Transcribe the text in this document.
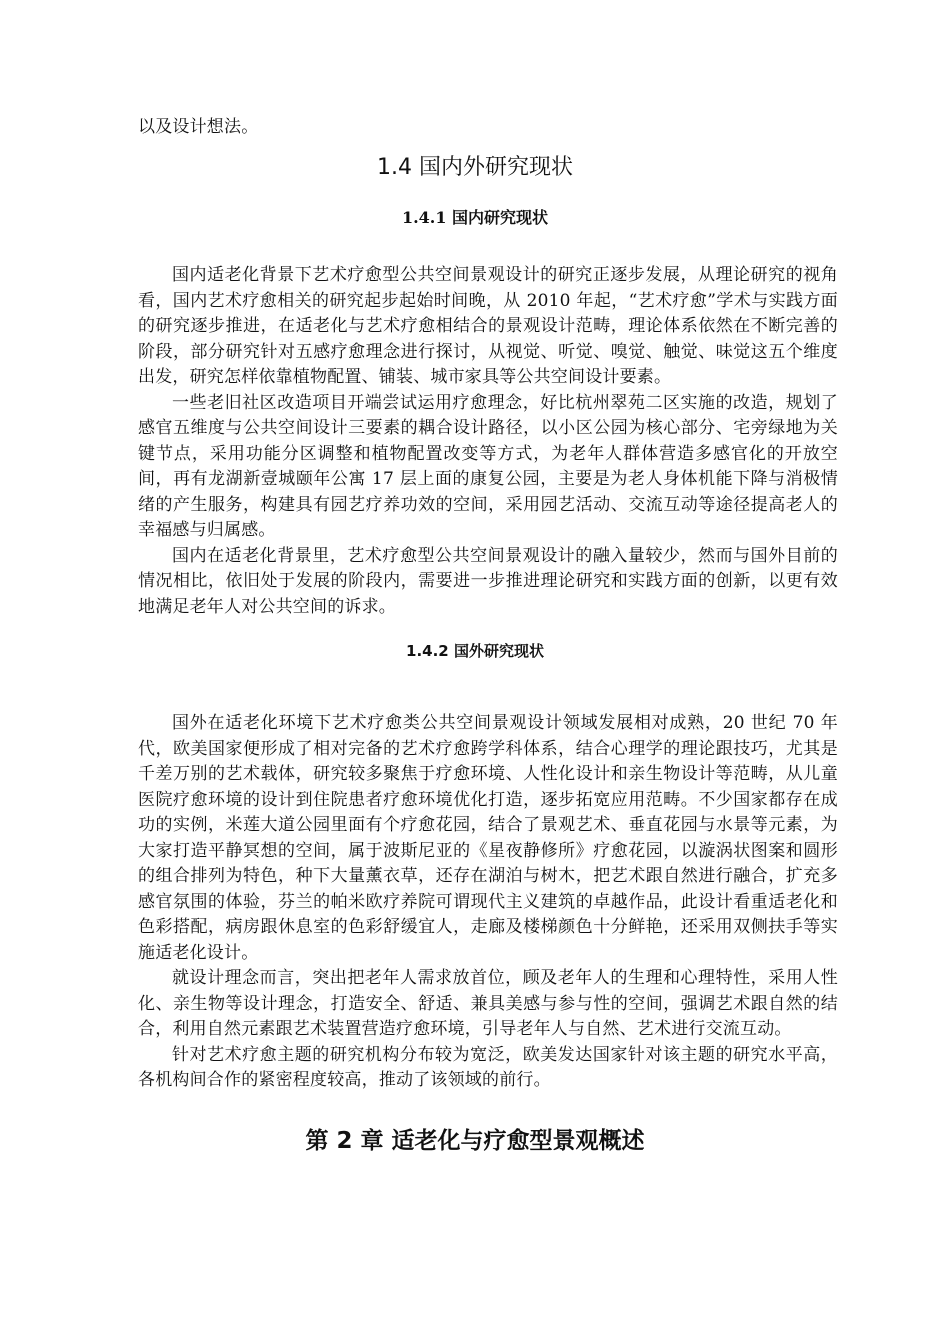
以及设计想法。

1.4 国内外研究现状
1.4.1 国内研究现状

国内适老化背景下艺术疗愈型公共空间景观设计的研究正逐步发展，从理论研究的视角看，国内艺术疗愈相关的研究起步起始时间晚，从 2010 年起，“艺术疗愈”学术与实践方面的研究逐步推进，在适老化与艺术疗愈相结合的景观设计范畴，理论体系依然在不断完善的阶段，部分研究针对五感疗愈理念进行探讨，从视觉、听觉、嗅觉、触觉、味觉这五个维度出发，研究怎样依靠植物配置、铺装、城市家具等公共空间设计要素。

一些老旧社区改造项目开端尝试运用疗愈理念，好比杭州翠苑二区实施的改造，规划了感官五维度与公共空间设计三要素的耦合设计路径，以小区公园为核心部分、宅旁绿地为关键节点，采用功能分区调整和植物配置改变等方式，为老年人群体营造多感官化的开放空间，再有龙湖新壹城颐年公寓 17 层上面的康复公园，主要是为老人身体机能下降与消极情绪的产生服务，构建具有园艺疗养功效的空间，采用园艺活动、交流互动等途径提高老人的幸福感与归属感。

国内在适老化背景里，艺术疗愈型公共空间景观设计的融入量较少，然而与国外目前的情况相比，依旧处于发展的阶段内，需要进一步推进理论研究和实践方面的创新，以更有效地满足老年人对公共空间的诉求。

1.4.2 国外研究现状

国外在适老化环境下艺术疗愈类公共空间景观设计领域发展相对成熟，20 世纪 70 年代，欧美国家便形成了相对完备的艺术疗愈跨学科体系，结合心理学的理论跟技巧，尤其是千差万别的艺术载体，研究较多聚焦于疗愈环境、人性化设计和亲生物设计等范畴，从儿童医院疗愈环境的设计到住院患者疗愈环境优化打造，逐步拓宽应用范畴。不少国家都存在成功的实例，米莲大道公园里面有个疗愈花园，结合了景观艺术、垂直花园与水景等元素，为大家打造平静冥想的空间，属于波斯尼亚的《星夜静修所》疗愈花园，以漩涡状图案和圆形的组合排列为特色，种下大量薰衣草，还存在湖泊与树木，把艺术跟自然进行融合，扩充多感官氛围的体验，芬兰的帕米欧疗养院可谓现代主义建筑的卓越作品，此设计看重适老化和色彩搭配，病房跟休息室的色彩舒缓宜人，走廊及楼梯颜色十分鲜艳，还采用双侧扶手等实施适老化设计。

就设计理念而言，突出把老年人需求放首位，顾及老年人的生理和心理特性，采用人性化、亲生物等设计理念，打造安全、舒适、兼具美感与参与性的空间，强调艺术跟自然的结合，利用自然元素跟艺术装置营造疗愈环境，引导老年人与自然、艺术进行交流互动。

针对艺术疗愈主题的研究机构分布较为宽泛，欧美发达国家针对该主题的研究水平高，各机构间合作的紧密程度较高，推动了该领域的前行。

第 2 章 适老化与疗愈型景观概述
